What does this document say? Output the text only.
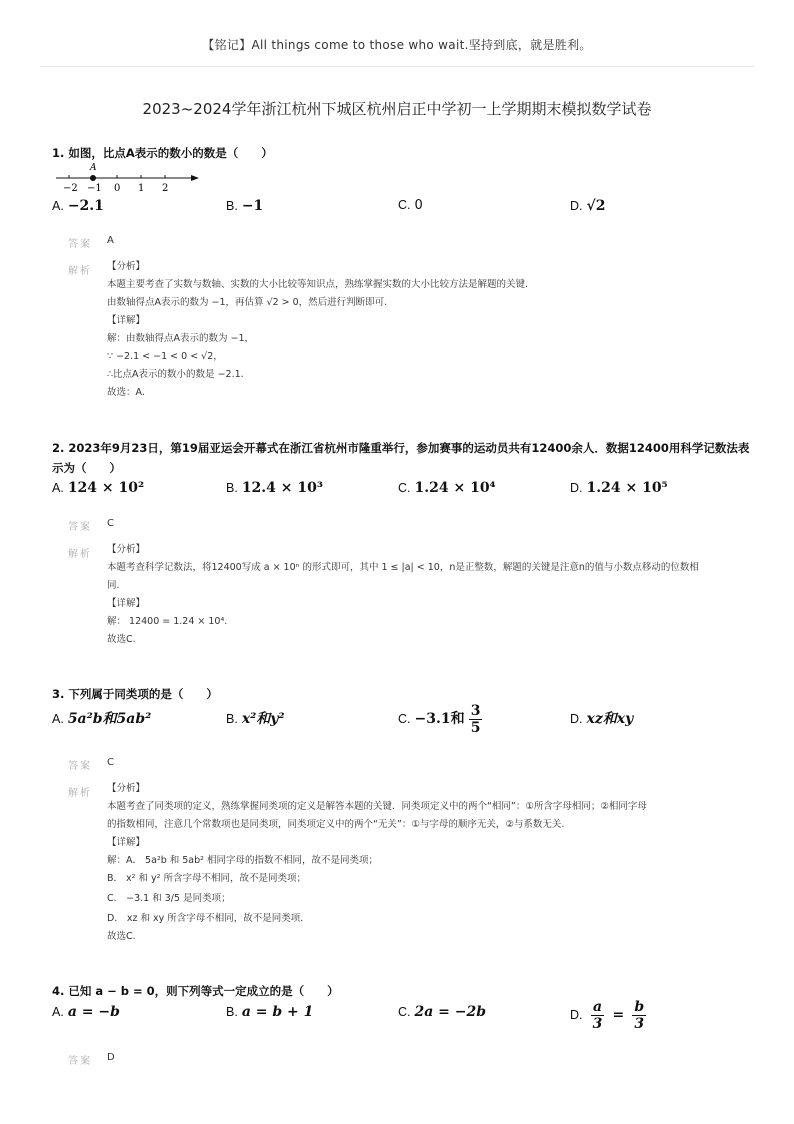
【铭记】All things come to those who wait.坚持到底，就是胜利。
2023~2024学年浙江杭州下城区杭州启正中学初一上学期期末模拟数学试卷
1. 如图，比点A表示的数小的数是（　　）
A
−2 −1 0 1 2
A. −2.1	B. −1	C. 0	D. √2
答案 A
解析 【分析】
本题主要考查了实数与数轴、实数的大小比较等知识点，熟练掌握实数的大小比较方法是解题的关键.
由数轴得点A表示的数为 −1，再估算 √2 > 0，然后进行判断即可.
【详解】
解：由数轴得点A表示的数为 −1，
∵ −2.1 < −1 < 0 < √2，
∴比点A表示的数小的数是 −2.1.
故选：A.
2. 2023年9月23日，第19届亚运会开幕式在浙江省杭州市隆重举行，参加赛事的运动员共有12400余人．数据12400用科学记数法表示为（　　）
A. 124 × 10²	B. 12.4 × 10³	C. 1.24 × 10⁴	D. 1.24 × 10⁵
答案 C
解析 【分析】
本题考查科学记数法，将12400写成 a × 10ⁿ 的形式即可，其中 1 ≤ |a| < 10，n是正整数，解题的关键是注意n的值与小数点移动的位数相
同.
【详解】
解： 12400 = 1.24 × 10⁴.
故选C.
3. 下列属于同类项的是（　　）
A. 5a²b和5ab²	B. x²和y²	C. −3.1和 $\frac{3}{5}$	D. xz和xy
答案 C
解析 【分析】
本题考查了同类项的定义，熟练掌握同类项的定义是解答本题的关键．同类项定义中的两个“相同”：①所含字母相同；②相同字母
的指数相同，注意几个常数项也是同类项，同类项定义中的两个“无关”：①与字母的顺序无关，②与系数无关.
【详解】
解：A． 5a²b 和 5ab² 相同字母的指数不相同，故不是同类项；
B． x² 和 y² 所含字母不相同，故不是同类项；
C． −3.1 和 3/5 是同类项；
D． xz 和 xy 所含字母不相同，故不是同类项.
故选C.
4. 已知 a − b = 0，则下列等式一定成立的是（　　）
A. a = −b	B. a = b + 1	C. 2a = −2b	D. $\frac{a}{3} = \frac{b}{3}$
答案 D
